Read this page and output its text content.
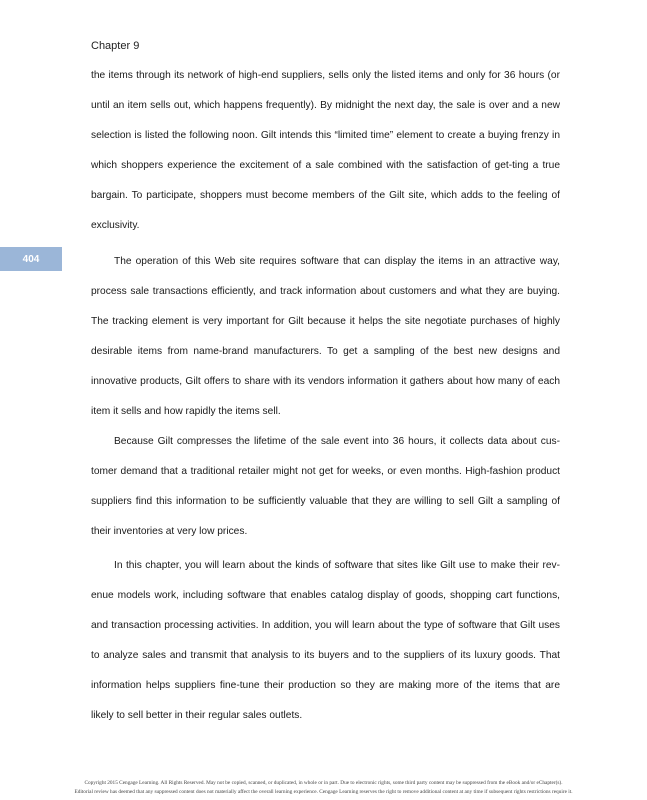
Chapter 9
404

the items through its network of high-end suppliers, sells only the listed items and only for 36 hours (or until an item sells out, which happens frequently). By midnight the next day, the sale is over and a new selection is listed the following noon. Gilt intends this “limited time” element to create a buying frenzy in which shoppers experience the excitement of a sale combined with the satisfaction of get-ting a true bargain. To participate, shoppers must become members of the Gilt site, which adds to the feeling of exclusivity.

The operation of this Web site requires software that can display the items in an attractive way, process sale transactions efficiently, and track information about customers and what they are buying. The tracking element is very important for Gilt because it helps the site negotiate purchases of highly desirable items from name-brand manufacturers. To get a sampling of the best new designs and innovative products, Gilt offers to share with its vendors information it gathers about how many of each item it sells and how rapidly the items sell.

Because Gilt compresses the lifetime of the sale event into 36 hours, it collects data about cus-tomer demand that a traditional retailer might not get for weeks, or even months. High-fashion product suppliers find this information to be sufficiently valuable that they are willing to sell Gilt a sampling of their inventories at very low prices.

In this chapter, you will learn about the kinds of software that sites like Gilt use to make their rev-enue models work, including software that enables catalog display of goods, shopping cart functions, and transaction processing activities. In addition, you will learn about the type of software that Gilt uses to analyze sales and transmit that analysis to its buyers and to the suppliers of its luxury goods. That information helps suppliers fine-tune their production so they are making more of the items that are likely to sell better in their regular sales outlets.

Copyright 2015 Cengage Learning. All Rights Reserved. May not be copied, scanned, or duplicated, in whole or in part. Due to electronic rights, some third party content may be suppressed from the eBook and/or eChapter(s).
Editorial review has deemed that any suppressed content does not materially affect the overall learning experience. Cengage Learning reserves the right to remove additional content at any time if subsequent rights restrictions require it.
